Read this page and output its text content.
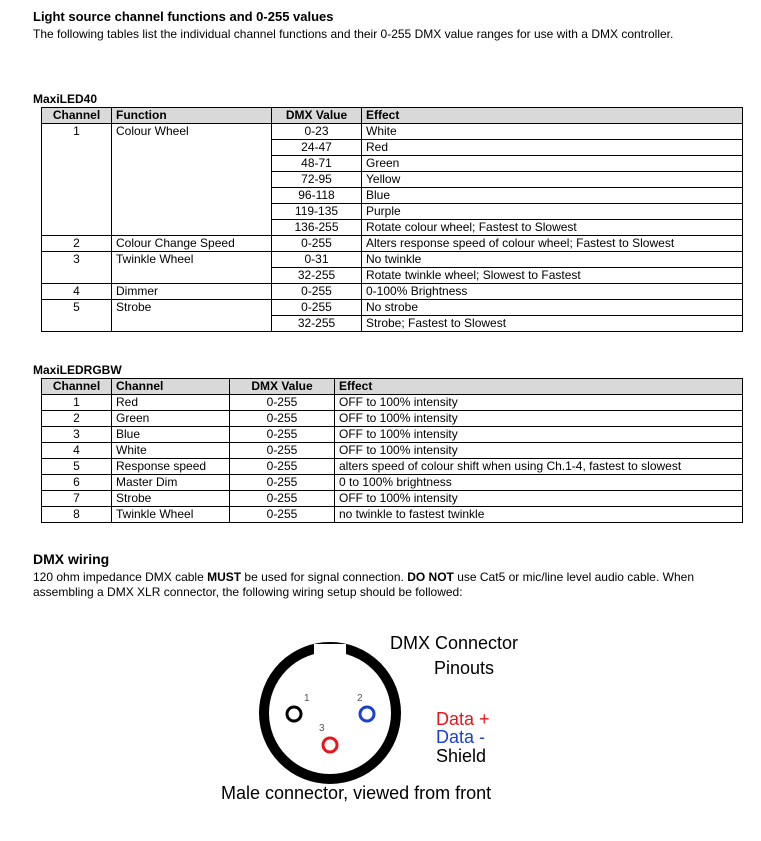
Light source channel functions and 0-255 values
The following tables list the individual channel functions and their 0-255 DMX value ranges for use with a DMX controller.
MaxiLED40
Channel	Function	DMX Value	Effect
1	Colour Wheel	0-23	White
		24-47	Red
		48-71	Green
		72-95	Yellow
		96-118	Blue
		119-135	Purple
		136-255	Rotate colour wheel; Fastest to Slowest
2	Colour Change Speed	0-255	Alters response speed of colour wheel; Fastest to Slowest
3	Twinkle Wheel	0-31	No twinkle
		32-255	Rotate twinkle wheel; Slowest to Fastest
4	Dimmer	0-255	0-100% Brightness
5	Strobe	0-255	No strobe
		32-255	Strobe; Fastest to Slowest
MaxiLEDRGBW
Channel	Channel	DMX Value	Effect
1	Red	0-255	OFF to 100% intensity
2	Green	0-255	OFF to 100% intensity
3	Blue	0-255	OFF to 100% intensity
4	White	0-255	OFF to 100% intensity
5	Response speed	0-255	alters speed of colour shift when using Ch.1-4, fastest to slowest
6	Master Dim	0-255	0 to 100% brightness
7	Strobe	0-255	OFF to 100% intensity
8	Twinkle Wheel	0-255	no twinkle to fastest twinkle
DMX wiring
120 ohm impedance DMX cable MUST be used for signal connection. DO NOT use Cat5 or mic/line level audio cable. When assembling a DMX XLR connector, the following wiring setup should be followed:
1	2
3
DMX Connector
Pinouts
Data +
Data -
Shield
Male connector, viewed from front
